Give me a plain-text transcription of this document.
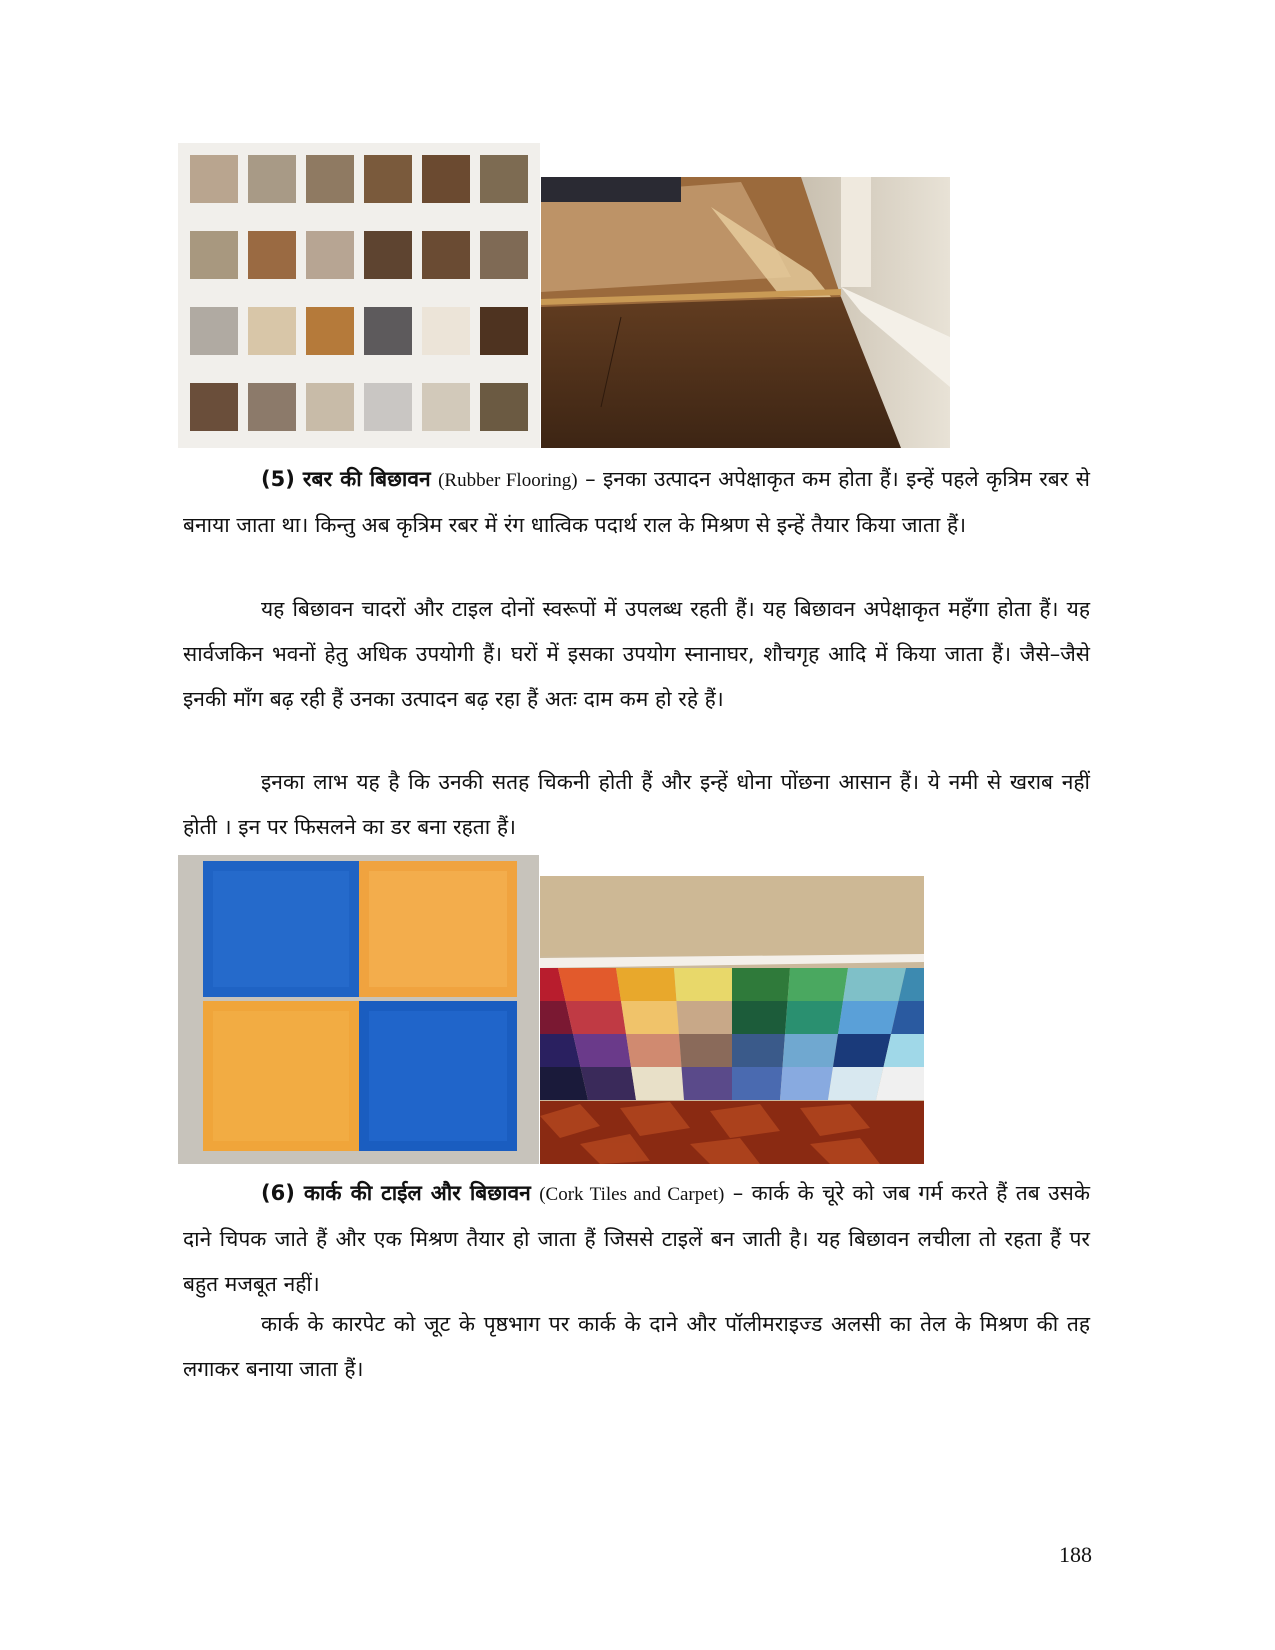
(5) रबर की बिछावन (Rubber Flooring) – इनका उत्पादन अपेक्षाकृत कम होता हैं। इन्हें पहले कृत्रिम रबर से बनाया जाता था। किन्तु अब कृत्रिम रबर में रंग धात्विक पदार्थ राल के मिश्रण से इन्हें तैयार किया जाता हैं।

यह बिछावन चादरों और टाइल दोनों स्वरूपों में उपलब्ध रहती हैं। यह बिछावन अपेक्षाकृत महँगा होता हैं। यह सार्वजकिन भवनों हेतु अधिक उपयोगी हैं। घरों में इसका उपयोग स्नानाघर, शौचगृह आदि में किया जाता हैं। जैसे–जैसे इनकी माँग बढ़ रही हैं उनका उत्पादन बढ़ रहा हैं अतः दाम कम हो रहे हैं।

इनका लाभ यह है कि उनकी सतह चिकनी होती हैं और इन्हें धोना पोंछना आसान हैं। ये नमी से खराब नहीं होती । इन पर फिसलने का डर बना रहता हैं।

(6) कार्क की टाईल और बिछावन (Cork Tiles and Carpet) – कार्क के चूरे को जब गर्म करते हैं तब उसके दाने चिपक जाते हैं और एक मिश्रण तैयार हो जाता हैं जिससे टाइलें बन जाती है। यह बिछावन लचीला तो रहता हैं पर बहुत मजबूत नहीं।

कार्क के कारपेट को जूट के पृष्ठभाग पर कार्क के दाने और पॉलीमराइज्ड अलसी का तेल के मिश्रण की तह लगाकर बनाया जाता हैं।

188
